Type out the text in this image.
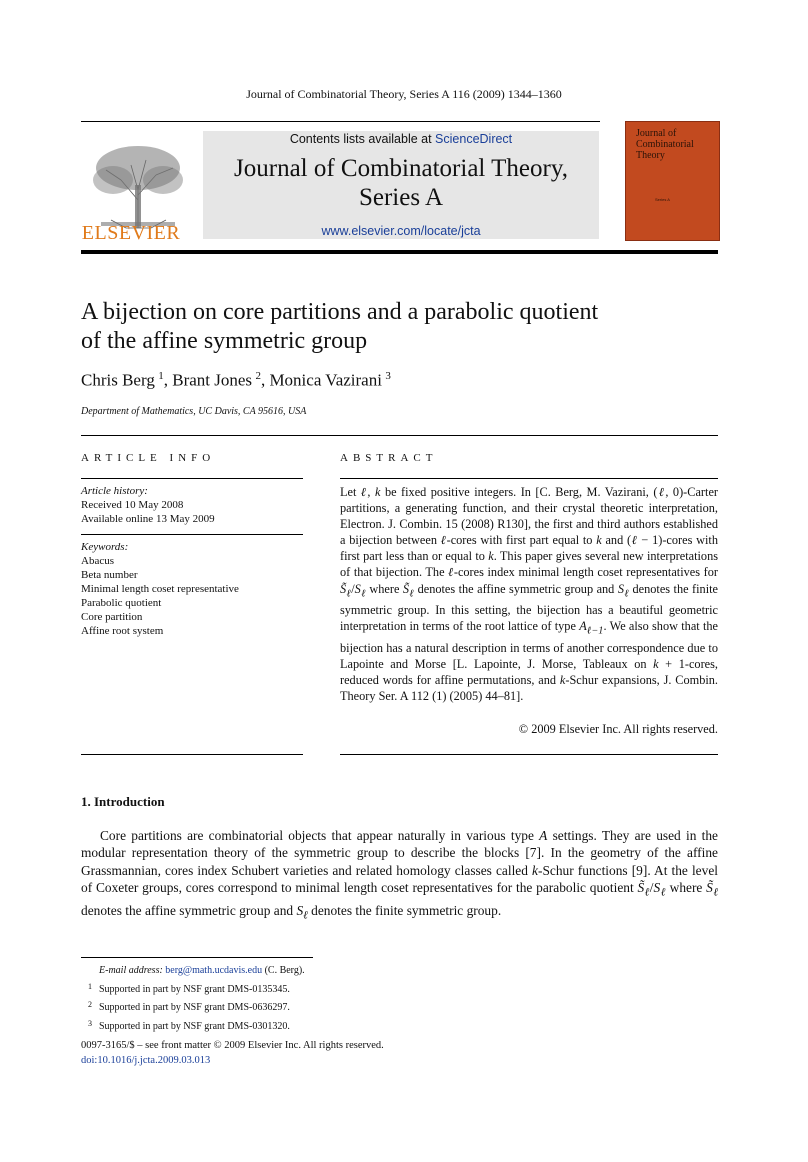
Journal of Combinatorial Theory, Series A 116 (2009) 1344–1360
ELSEVIER
Contents lists available at ScienceDirect
Journal of Combinatorial Theory,
Series A
www.elsevier.com/locate/jcta
Journal of Combinatorial Theory
Series A
A bijection on core partitions and a parabolic quotient
of the affine symmetric group
Chris Berg  $^1$, Brant Jones  $^2$, Monica Vazirani  $^3$
Department of Mathematics, UC Davis, CA 95616, USA
ARTICLE INFO	ABSTRACT
Article history:
Received 10 May 2008
Available online 13 May 2009
Keywords:
Abacus
Beta number
Minimal length coset representative
Parabolic quotient
Core partition
Affine root system
Let ℓ, k be fixed positive integers. In [C. Berg, M. Vazirani, (ℓ, 0)-Carter partitions, a generating function, and their crystal theoretic interpretation, Electron. J. Combin. 15 (2008) R130], the first and third authors established a bijection between ℓ-cores with first part equal to k and (ℓ − 1)-cores with first part less than or equal to k. This paper gives several new interpretations of that bijection. The ℓ-cores index minimal length coset representatives for $S̃_\ell/S_\ell$ where $S̃_\ell$ denotes the affine symmetric group and $S_\ell$ denotes the finite symmetric group. In this setting, the bijection has a beautiful geometric interpretation in terms of the root lattice of type $A_{\ell-1}$. We also show that the bijection has a natural description in terms of another correspondence due to Lapointe and Morse [L. Lapointe, J. Morse, Tableaux on k + 1-cores, reduced words for affine permutations, and k-Schur expansions, J. Combin. Theory Ser. A 112 (1) (2005) 44–81].
© 2009 Elsevier Inc. All rights reserved.
1. Introduction
Core partitions are combinatorial objects that appear naturally in various type A settings. They are used in the modular representation theory of the symmetric group to describe the blocks [7]. In the geometry of the affine Grassmannian, cores index Schubert varieties and related homology classes called k-Schur functions [9]. At the level of Coxeter groups, cores correspond to minimal length coset representatives for the parabolic quotient $S̃_\ell/S_\ell$ where $S̃_\ell$ denotes the affine symmetric group and $S_\ell$ denotes the finite symmetric group.
E-mail address: berg@math.ucdavis.edu (C. Berg).
1 Supported in part by NSF grant DMS-0135345.
2 Supported in part by NSF grant DMS-0636297.
3 Supported in part by NSF grant DMS-0301320.
0097-3165/$ – see front matter © 2009 Elsevier Inc. All rights reserved.
doi:10.1016/j.jcta.2009.03.013
